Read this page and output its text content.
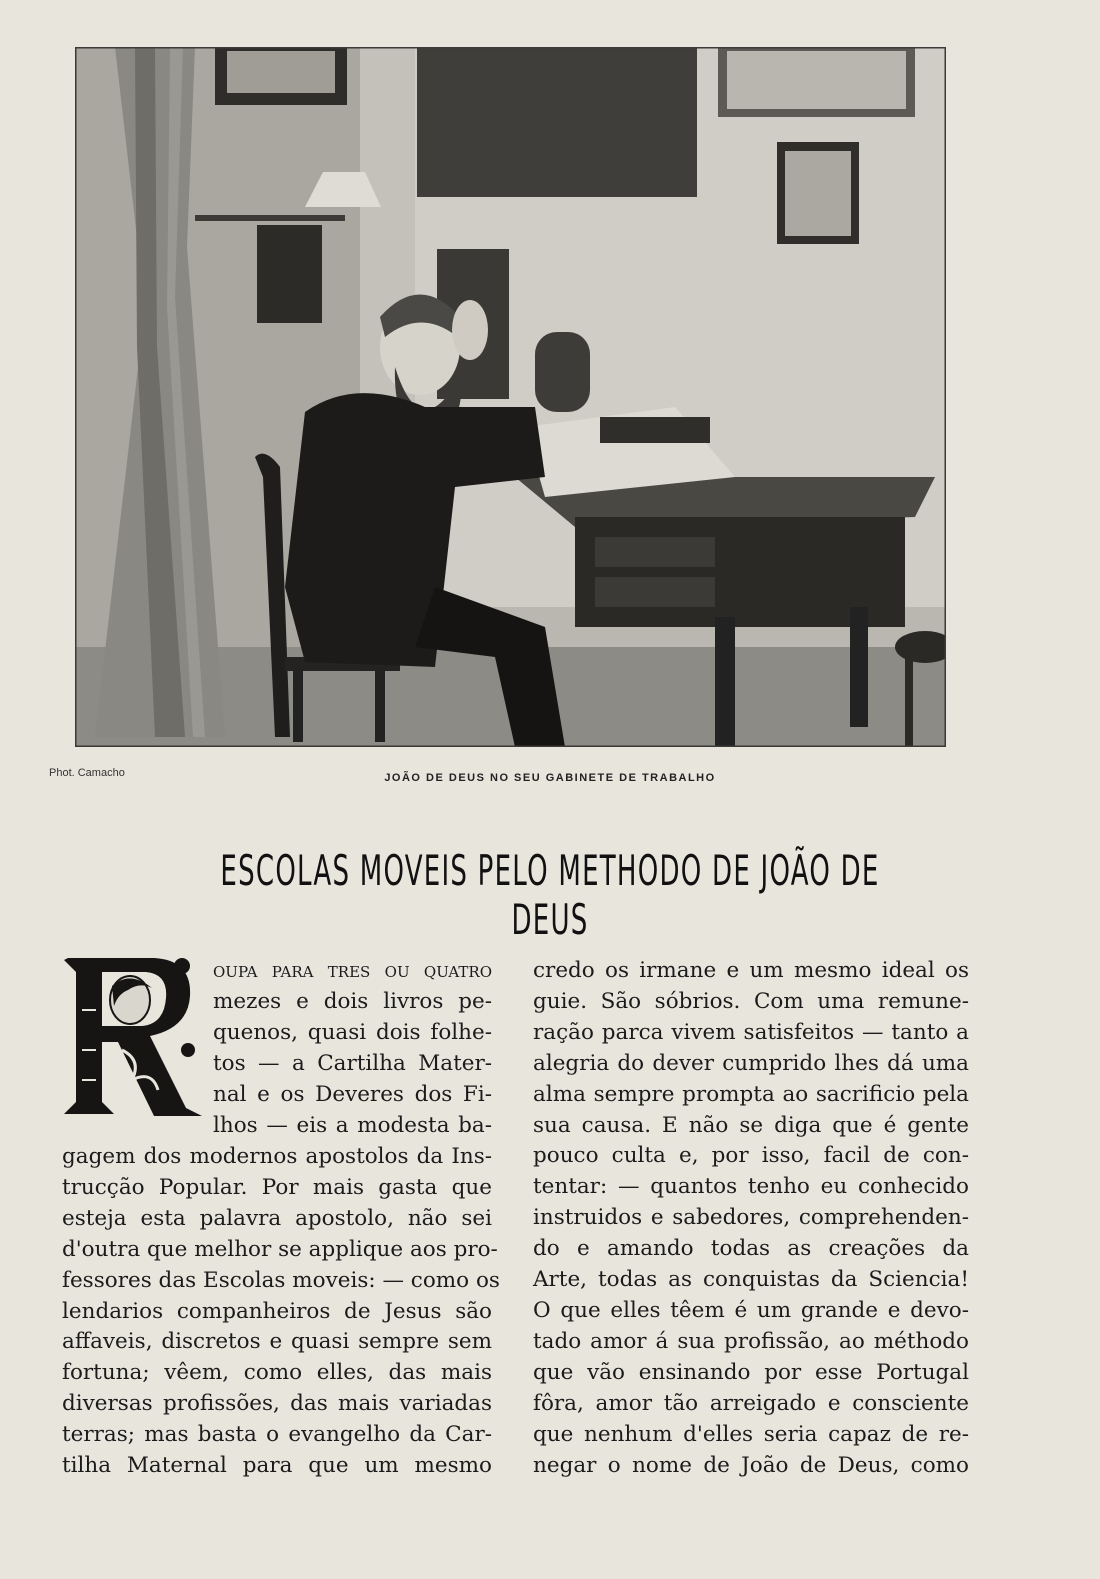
Phot. Camacho	JOÃO DE DEUS NO SEU GABINETE DE TRABALHO
ESCOLAS MOVEIS PELO METHODO DE JOÃO DE DEUS
oupa para tres ou quatro
mezes e dois livros pe-
quenos, quasi dois folhe-
tos — a Cartilha Mater-
nal e os Deveres dos Fi-
lhos — eis a modesta ba-
gagem dos modernos apostolos da Ins-
trucção Popular. Por mais gasta que
esteja esta palavra apostolo, não sei
d'outra que melhor se applique aos pro-
fessores das Escolas moveis: — como os
lendarios companheiros de Jesus são
affaveis, discretos e quasi sempre sem
fortuna; vêem, como elles, das mais
diversas profissões, das mais variadas
terras; mas basta o evangelho da Car-
tilha Maternal para que um mesmo
credo os irmane e um mesmo ideal os
guie. São sóbrios. Com uma remune-
ração parca vivem satisfeitos — tanto a
alegria do dever cumprido lhes dá uma
alma sempre prompta ao sacrificio pela
sua causa. E não se diga que é gente
pouco culta e, por isso, facil de con-
tentar: — quantos tenho eu conhecido
instruidos e sabedores, comprehenden-
do e amando todas as creações da
Arte, todas as conquistas da Sciencia!
O que elles têem é um grande e devo-
tado amor á sua profissão, ao méthodo
que vão ensinando por esse Portugal
fôra, amor tão arreigado e consciente
que nenhum d'elles seria capaz de re-
negar o nome de João de Deus, como
